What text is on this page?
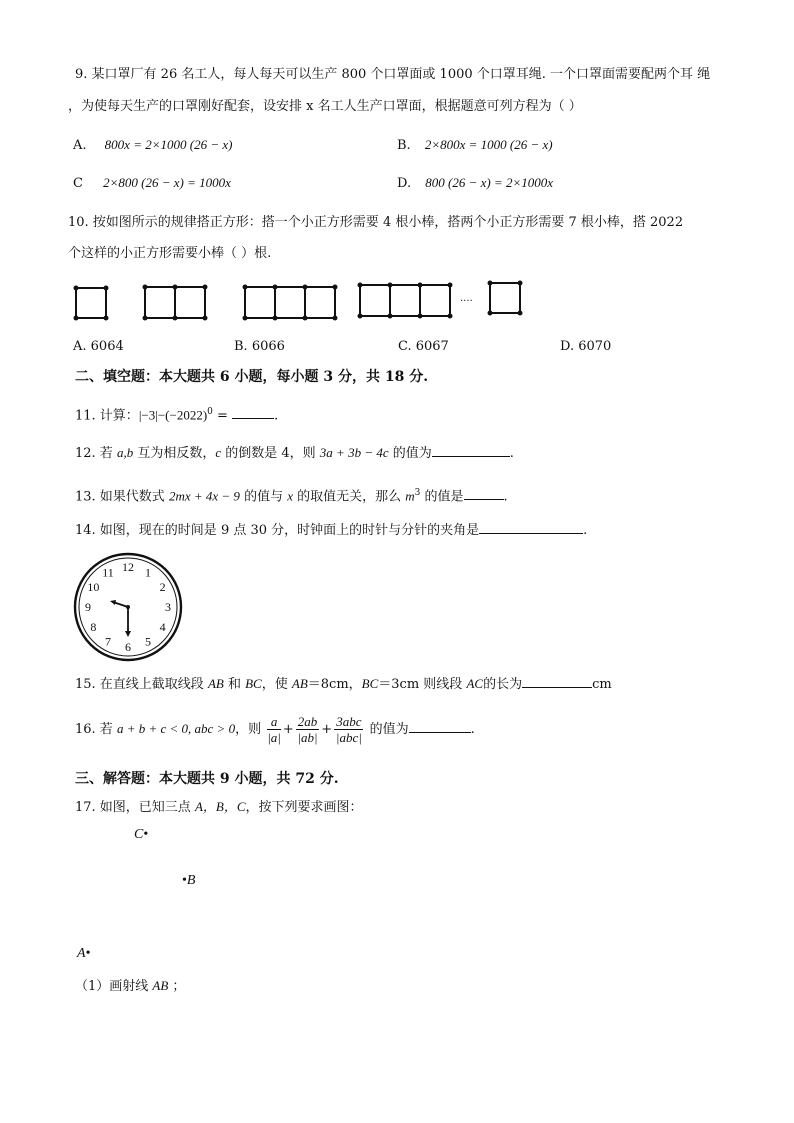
9. 某口罩厂有 26 名工人，每人每天可以生产 800 个口罩面或 1000 个口罩耳绳. 一个口罩面需要配两个耳 绳
，为使每天生产的口罩刚好配套，设安排 x 名工人生产口罩面，根据题意可列方程为（ ）
A. 800x = 2×1000 (26 − x)	B. 2×800x = 1000 (26 − x)
C 2×800 (26 − x) = 1000x	D. 800 (26 − x) = 2×1000x
10. 按如图所示的规律搭正方形：搭一个小正方形需要 4 根小棒，搭两个小正方形需要 7 根小棒，搭 2022
个这样的小正方形需要小棒（ ）根.
....
A. 6064	B. 6066	C. 6067	D. 6070
二、填空题：本大题共 6 小题，每小题 3 分，共 18 分.
11. 计算：$|-3|-(-2022)^0$ =	.
12. 若 a,b 互为相反数，c 的倒数是 4，则 3a + 3b − 4c 的值为	.
13. 如果代数式 2mx + 4x − 9 的值与 x 的取值无关，那么 $m^3$ 的值是	.
14. 如图，现在的时间是 9 点 30 分，时钟面上的时针与分针的夹角是	.
12 1
2
3
4
5
6
7
8
9
10
11
15. 在直线上截取线段 AB 和 BC，使 AB＝8cm，BC＝3cm 则线段 AC的长为	cm
16. 若 a + b + c < 0, abc > 0，则 $\frac{a}{|a|} + \frac{2ab}{|ab|} + \frac{\text{3abc}}{\text{|abc|}}$ 的值为	.
三、解答题：本大题共 9 小题，共 72 分.
17. 如图，已知三点 A，B，C，按下列要求画图：
C•
•B
A•
（1）画射线 AB ；
